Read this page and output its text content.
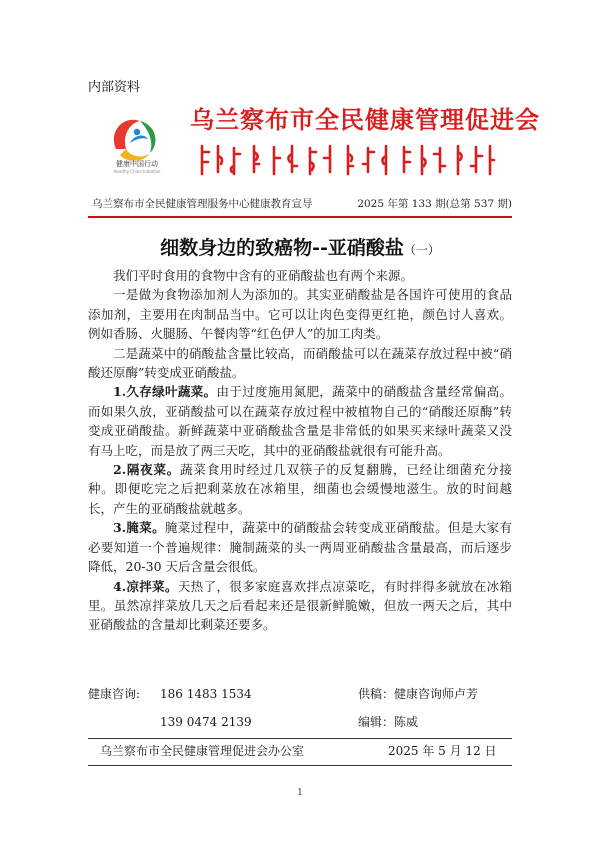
内部资料
健康中国行动
Healthy China Initiative
乌兰察布市全民健康管理促进会
乌兰察布市全民健康管理服务中心健康教育宣导	2025 年第 133 期(总第 537 期)
细数身边的致癌物--亚硝酸盐（一）

我们平时食用的食物中含有的亚硝酸盐也有两个来源。

一是做为食物添加剂人为添加的。其实亚硝酸盐是各国许可使用的食品添加剂，主要用在肉制品当中。它可以让肉色变得更红艳，颜色讨人喜欢。例如香肠、火腿肠、午餐肉等“红色伊人”的加工肉类。

二是蔬菜中的硝酸盐含量比较高，而硝酸盐可以在蔬菜存放过程中被“硝酸还原酶”转变成亚硝酸盐。

1.久存绿叶蔬菜。由于过度施用氮肥，蔬菜中的硝酸盐含量经常偏高。而如果久放，亚硝酸盐可以在蔬菜存放过程中被植物自己的“硝酸还原酶”转变成亚硝酸盐。新鲜蔬菜中亚硝酸盐含量是非常低的如果买来绿叶蔬菜又没有马上吃，而是放了两三天吃，其中的亚硝酸盐就很有可能升高。

2.隔夜菜。蔬菜食用时经过几双筷子的反复翻腾，已经让细菌充分接种。即便吃完之后把剩菜放在冰箱里，细菌也会缓慢地滋生。放的时间越长，产生的亚硝酸盐就越多。

3.腌菜。腌菜过程中，蔬菜中的硝酸盐会转变成亚硝酸盐。但是大家有必要知道一个普遍规律：腌制蔬菜的头一两周亚硝酸盐含量最高，而后逐步降低，20-30 天后含量会很低。

4.凉拌菜。天热了，很多家庭喜欢拌点凉菜吃，有时拌得多就放在冰箱里。虽然凉拌菜放几天之后看起来还是很新鲜脆嫩，但放一两天之后，其中亚硝酸盐的含量却比剩菜还要多。

健康咨询: 186 1483 1534	供稿：健康咨询师卢芳
139 0474 2139	编辑：陈威
乌兰察布市全民健康管理促进会办公室	2025 年 5 月 12 日
1
